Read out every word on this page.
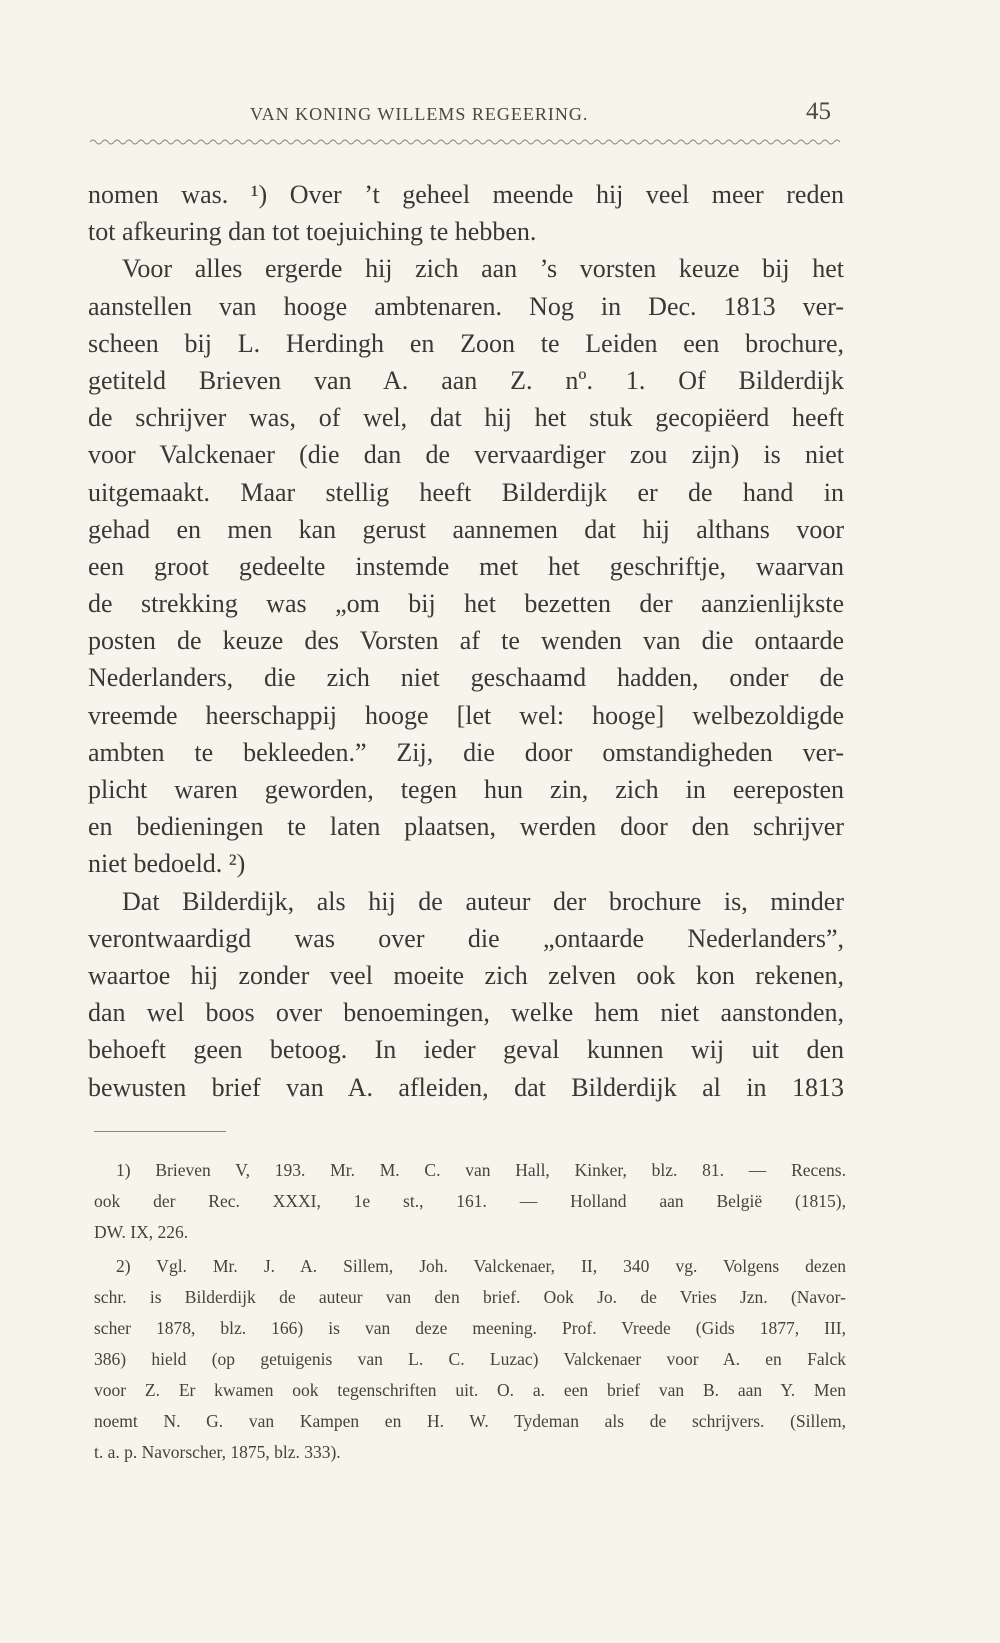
VAN KONING WILLEMS REGEERING.	45
nomen was. ¹) Over ’t geheel meende hij veel meer reden
tot afkeuring dan tot toejuiching te hebben.
Voor alles ergerde hij zich aan ’s vorsten keuze bij het
aanstellen van hooge ambtenaren. Nog in Dec. 1813 ver-
scheen bij L. Herdingh en Zoon te Leiden een brochure,
getiteld Brieven van A. aan Z. nº. 1. Of Bilderdijk
de schrijver was, of wel, dat hij het stuk gecopiëerd heeft
voor Valckenaer (die dan de vervaardiger zou zijn) is niet
uitgemaakt. Maar stellig heeft Bilderdijk er de hand in
gehad en men kan gerust aannemen dat hij althans voor
een groot gedeelte instemde met het geschriftje, waarvan
de strekking was „om bij het bezetten der aanzienlijkste
posten de keuze des Vorsten af te wenden van die ontaarde
Nederlanders, die zich niet geschaamd hadden, onder de
vreemde heerschappij hooge [let wel: hooge] welbezoldigde
ambten te bekleeden.” Zij, die door omstandigheden ver-
plicht waren geworden, tegen hun zin, zich in eereposten
en bedieningen te laten plaatsen, werden door den schrijver
niet bedoeld. ²)
Dat Bilderdijk, als hij de auteur der brochure is, minder
verontwaardigd was over die „ontaarde Nederlanders”,
waartoe hij zonder veel moeite zich zelven ook kon rekenen,
dan wel boos over benoemingen, welke hem niet aanstonden,
behoeft geen betoog. In ieder geval kunnen wij uit den
bewusten brief van A. afleiden, dat Bilderdijk al in 1813
1) Brieven V, 193. Mr. M. C. van Hall, Kinker, blz. 81. — Recens.
ook der Rec. XXXI, 1e st., 161. — Holland aan België (1815),
DW. IX, 226.
2) Vgl. Mr. J. A. Sillem, Joh. Valckenaer, II, 340 vg. Volgens dezen
schr. is Bilderdijk de auteur van den brief. Ook Jo. de Vries Jzn. (Navor-
scher 1878, blz. 166) is van deze meening. Prof. Vreede (Gids 1877, III,
386) hield (op getuigenis van L. C. Luzac) Valckenaer voor A. en Falck
voor Z. Er kwamen ook tegenschriften uit. O. a. een brief van B. aan Y. Men
noemt N. G. van Kampen en H. W. Tydeman als de schrijvers. (Sillem,
t. a. p. Navorscher, 1875, blz. 333).
